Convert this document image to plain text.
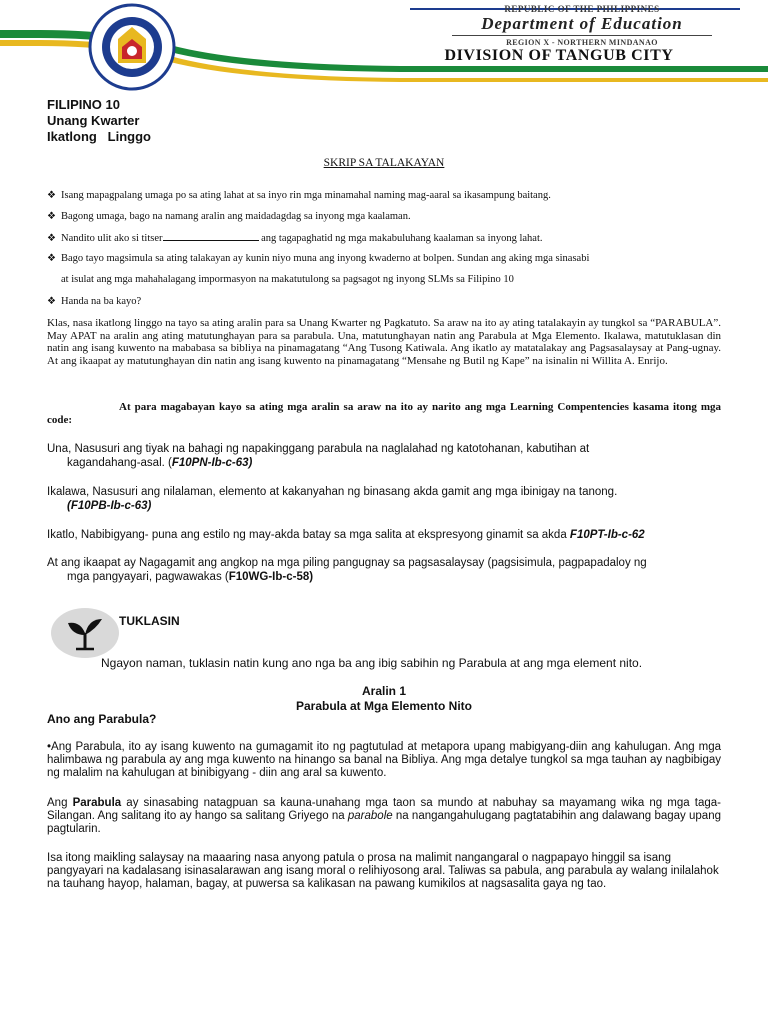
REPUBLIC OF THE PHILIPPINES
Department of Education
REGION X - NORTHERN MINDANAO
DIVISION OF TANGUB CITY
FILIPINO 10
Unang Kwarter
Ikatlong   Linggo
SKRIP SA TALAKAYAN
❖ Isang mapagpalang umaga po sa ating lahat at sa inyo rin mga minamahal naming mag-aaral sa ikasampung baitang.
❖ Bagong umaga, bago na namang aralin ang maidadagdag sa inyong mga kaalaman.
❖ Nandito ulit ako si titser	ang tagapaghatid ng mga makabuluhang kaalaman sa inyong lahat.
❖ Bago tayo magsimula sa ating talakayan ay kunin niyo muna ang inyong kwaderno at bolpen. Sundan ang aking mga sinasabi
at isulat ang mga mahahalagang impormasyon na makatutulong sa pagsagot ng inyong SLMs sa Filipino 10
❖ Handa na ba kayo?
Klas, nasa ikatlong linggo na tayo sa ating aralin para sa Unang Kwarter ng Pagkatuto. Sa araw na ito ay ating tatalakayin ay tungkol sa “PARABULA”. May APAT na aralin ang ating matutunghayan para sa parabula. Una, matutunghayan natin ang Parabula at Mga Elemento. Ikalawa, matutuklasan din natin ang isang kuwento na mababasa sa bibliya na pinamagatang “Ang Tusong Katiwala. Ang ikatlo ay matatalakay ang Pagsasalaysay at Pang-ugnay. At ang ikaapat ay matutunghayan din natin ang isang kuwento na pinamagatang “Mensahe ng Butil ng Kape” na isinalin ni Willita A. Enrijo.
At para magabayan kayo sa ating mga aralin sa araw na ito ay narito ang mga Learning Compentencies kasama itong mga code:
Una, Nasusuri ang tiyak na bahagi ng napakinggang parabula na naglalahad ng katotohanan, kabutihan at
kagandahang-asal. (F10PN-Ib-c-63)
Ikalawa, Nasusuri ang nilalaman, elemento at kakanyahan ng binasang akda gamit ang mga ibinigay na tanong.
(F10PB-Ib-c-63)
Ikatlo, Nabibigyang- puna ang estilo ng may-akda batay sa mga salita at ekspresyong ginamit sa akda F10PT-Ib-c-62
At ang ikaapat ay Nagagamit ang angkop na mga piling pangugnay sa pagsasalaysay (pagsisimula, pagpapadaloy ng
mga pangyayari, pagwawakas (F10WG-Ib-c-58)
TUKLASIN
Ngayon naman, tuklasin natin kung ano nga ba ang ibig sabihin ng Parabula at ang mga element nito.
Aralin 1
Parabula at Mga Elemento Nito
Ano ang Parabula?
•Ang Parabula, ito ay isang kuwento na gumagamit ito ng pagtutulad at metapora upang mabigyang-diin ang kahulugan. Ang mga halimbawa ng parabula ay ang mga kuwento na hinango sa banal na Bibliya. Ang mga detalye tungkol sa mga tauhan ay nagbibigay ng malalim na kahulugan at binibigyang - diin ang aral sa kuwento.
Ang Parabula ay sinasabing natagpuan sa kauna-unahang mga taon sa mundo at nabuhay sa mayamang wika ng mga taga-Silangan. Ang salitang ito ay hango sa salitang Griyego na parabole na nangangahulugang pagtatabihin ang dalawang bagay upang pagtularin.
Isa itong maikling salaysay na maaaring nasa anyong patula o prosa na malimit nangangaral o nagpapayo hinggil sa isang pangyayari na kadalasang isinasalarawan ang isang moral o relihiyosong aral. Taliwas sa pabula, ang parabula ay walang inilalahok na tauhang hayop, halaman, bagay, at puwersa sa kalikasan na pawang kumikilos at nagsasalita gaya ng tao.
